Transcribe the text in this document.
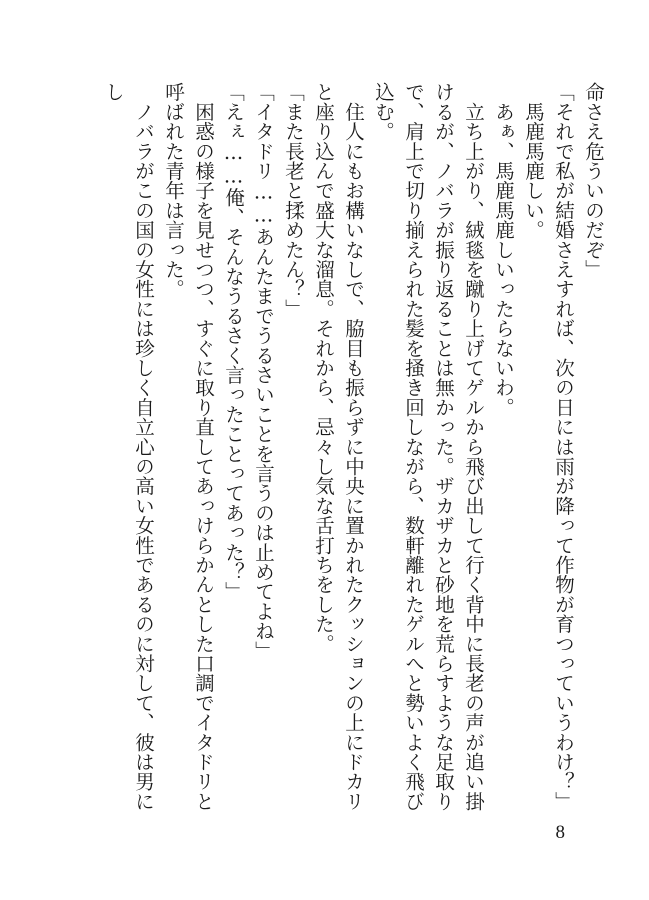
命さえ危ういのだぞ」

「それで私が結婚さえすれば、次の日には雨が降って作物が育つっていうわけ？」

　馬鹿馬鹿しい。

　あぁ、馬鹿馬鹿しいったらないわ。

　立ち上がり、絨毯を蹴り上げてゲルから飛び出して行く背中に長老の声が追い掛けるが、ノバラが振り返ることは無かった。ザカザカと砂地を荒らすような足取りで、肩上で切り揃えられた髪を掻き回しながら、数軒離れたゲルへと勢いよく飛び込む。

　住人にもお構いなしで、脇目も振らずに中央に置かれたクッションの上にドカリと座り込んで盛大な溜息。それから、忌々し気な舌打ちをした。

「また長老と揉めたん？」

「イタドリ……あんたまでうるさいことを言うのは止めてよね」

「えぇ……俺、そんなうるさく言ったことってあった？」

　困惑の様子を見せつつ、すぐに取り直してあっけらかんとした口調でイタドリと呼ばれた青年は言った。

　ノバラがこの国の女性には珍しく自立心の高い女性であるのに対して、彼は男にし

8
